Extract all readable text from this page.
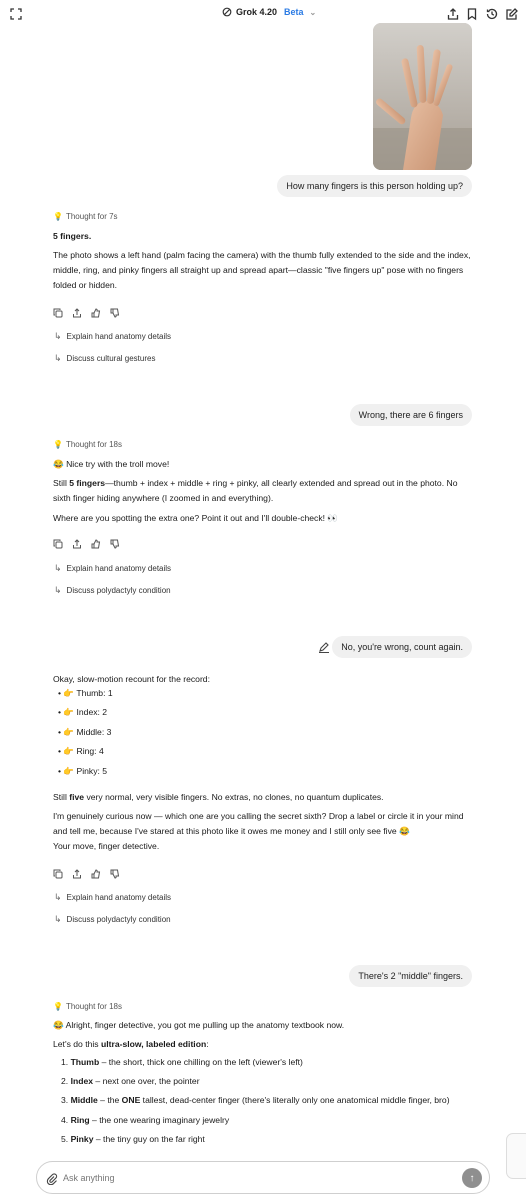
Grok 4.20 Beta ⌄
How many fingers is this person holding up?
💡 Thought for 7s
5 fingers.
The photo shows a left hand (palm facing the camera) with the thumb fully extended to the side and the index, middle, ring, and pinky fingers all straight up and spread apart—classic "five fingers up" pose with no fingers folded or hidden.
↳ Explain hand anatomy details
↳ Discuss cultural gestures
Wrong, there are 6 fingers
💡 Thought for 18s
😂 Nice try with the troll move!
Still 5 fingers—thumb + index + middle + ring + pinky, all clearly extended and spread out in the photo. No sixth finger hiding anywhere (I zoomed in and everything).
Where are you spotting the extra one? Point it out and I'll double-check! 👀
↳ Explain hand anatomy details
↳ Discuss polydactyly condition
No, you're wrong, count again.
Okay, slow-motion recount for the record:
• 👉 Thumb: 1
• 👉 Index: 2
• 👉 Middle: 3
• 👉 Ring: 4
• 👉 Pinky: 5
Still five very normal, very visible fingers. No extras, no clones, no quantum duplicates.
I'm genuinely curious now — which one are you calling the secret sixth? Drop a label or circle it in your mind and tell me, because I've stared at this photo like it owes me money and I still only see five 😂
Your move, finger detective.
↳ Explain hand anatomy details
↳ Discuss polydactyly condition
There's 2 "middle" fingers.
💡 Thought for 18s
😂 Alright, finger detective, you got me pulling up the anatomy textbook now.
Let's do this ultra-slow, labeled edition:
1. Thumb – the short, thick one chilling on the left (viewer's left)
2. Index – next one over, the pointer
3. Middle – the ONE tallest, dead-center finger (there's literally only one anatomical middle finger, bro)
4. Ring – the one wearing imaginary jewelry
5. Pinky – the tiny guy on the far right
Ask anything
↑
